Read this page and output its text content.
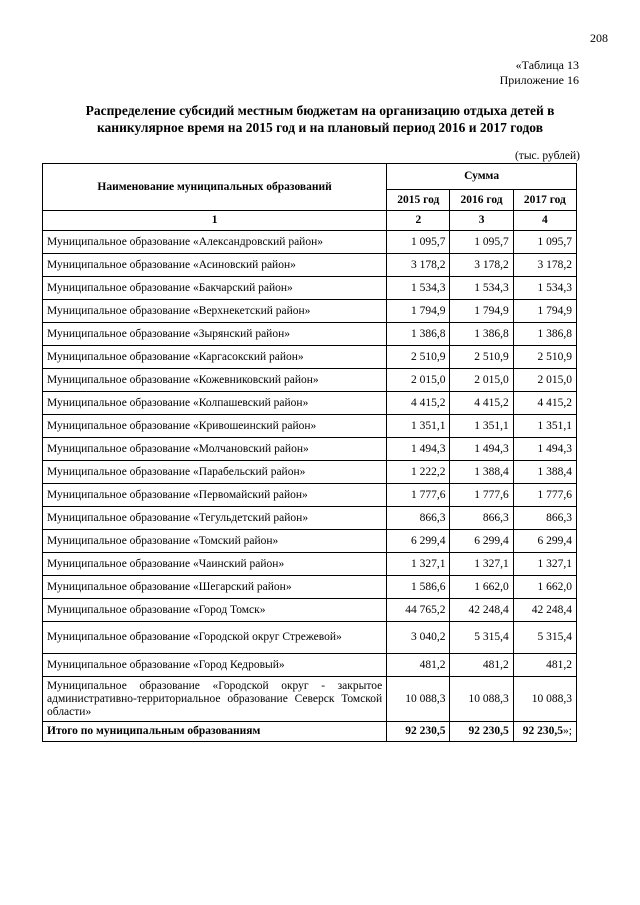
208
«Таблица 13
Приложение 16
Распределение субсидий местным бюджетам на организацию отдыха детей в
каникулярное время на 2015 год и на плановый период 2016 и 2017 годов
(тыс. рублей)
Наименование муниципальных образований	Сумма		
	2015 год	2016 год	2017 год
1	2	3	4
Муниципальное образование «Александровский район»	1 095,7	1 095,7	1 095,7
Муниципальное образование «Асиновский район»	3 178,2	3 178,2	3 178,2
Муниципальное образование «Бакчарский район»	1 534,3	1 534,3	1 534,3
Муниципальное образование «Верхнекетский район»	1 794,9	1 794,9	1 794,9
Муниципальное образование «Зырянский район»	1 386,8	1 386,8	1 386,8
Муниципальное образование «Каргасокский район»	2 510,9	2 510,9	2 510,9
Муниципальное образование «Кожевниковский район»	2 015,0	2 015,0	2 015,0
Муниципальное образование «Колпашевский район»	4 415,2	4 415,2	4 415,2
Муниципальное образование «Кривошеинский район»	1 351,1	1 351,1	1 351,1
Муниципальное образование «Молчановский район»	1 494,3	1 494,3	1 494,3
Муниципальное образование «Парабельский район»	1 222,2	1 388,4	1 388,4
Муниципальное образование «Первомайский район»	1 777,6	1 777,6	1 777,6
Муниципальное образование «Тегульдетский район»	866,3	866,3	866,3
Муниципальное образование «Томский район»	6 299,4	6 299,4	6 299,4
Муниципальное образование «Чаинский район»	1 327,1	1 327,1	1 327,1
Муниципальное образование «Шегарский район»	1 586,6	1 662,0	1 662,0
Муниципальное образование «Город Томск»	44 765,2	42 248,4	42 248,4
Муниципальное образование «Городской округ Стрежевой»	3 040,2	5 315,4	5 315,4
Муниципальное образование «Город Кедровый»	481,2	481,2	481,2
Муниципальное образование «Городской округ - закрытое административно-территориальное образование Северск Томской области»	10 088,3	10 088,3	10 088,3
Итого по муниципальным образованиям	92 230,5	92 230,5	92 230,5»;
